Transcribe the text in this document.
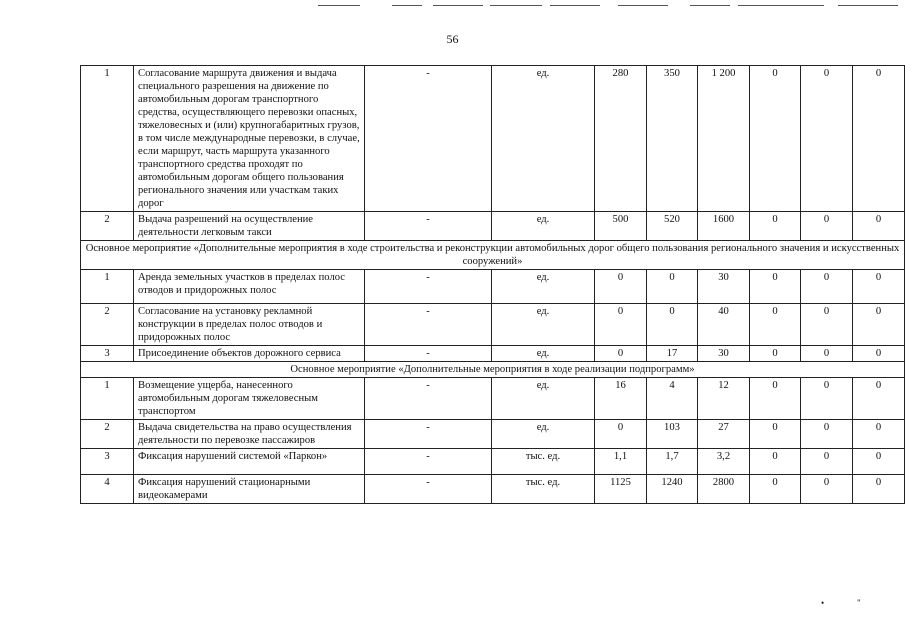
56
1	Согласование маршрута движения и выдача специального разрешения на движение по автомобильным дорогам транспортного средства, осуществляющего перевозки опасных, тяжеловесных и (или) крупногабаритных грузов, в том числе международные перевозки, в случае, если маршрут, часть маршрута указанного транспортного средства проходят по автомобильным дорогам общего пользования регионального значения или участкам таких дорог	-	ед.	280	350	1 200	0	0	0
2	Выдача разрешений на осуществление деятельности легковым такси	-	ед.	500	520	1600	0	0	0
Основное мероприятие «Дополнительные мероприятия в ходе строительства и реконструкции автомобильных дорог общего пользования регионального значения и искусственных сооружений»									
1	Аренда земельных участков в пределах полос отводов и придорожных полос	-	ед.	0	0	30	0	0	0
2	Согласование на установку рекламной конструкции в пределах полос отводов и придорожных полос	-	ед.	0	0	40	0	0	0
3	Присоединение объектов дорожного сервиса	-	ед.	0	17	30	0	0	0
Основное мероприятие «Дополнительные мероприятия в ходе реализации подпрограмм»									
1	Возмещение ущерба, нанесенного автомобильным дорогам тяжеловесным транспортом	-	ед.	16	4	12	0	0	0
2	Выдача свидетельства на право осуществления деятельности по перевозке пассажиров	-	ед.	0	103	27	0	0	0
3	Фиксация нарушений системой «Паркон»	-	тыс. ед.	1,1	1,7	3,2	0	0	0
4	Фиксация нарушений стационарными видеокамерами	-	тыс. ед.	1125	1240	2800	0	0	0
•	"
